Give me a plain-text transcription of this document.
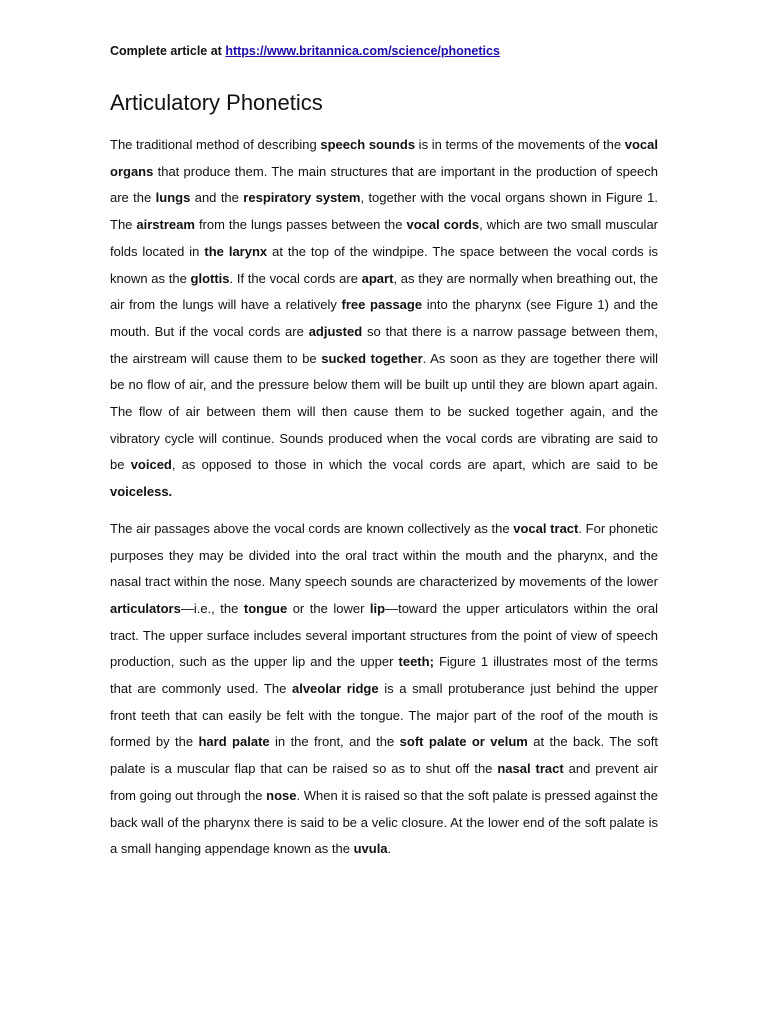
Complete article at https://www.britannica.com/science/phonetics
Articulatory Phonetics

The traditional method of describing speech sounds is in terms of the movements of the vocal organs that produce them. The main structures that are important in the production of speech are the lungs and the respiratory system, together with the vocal organs shown in Figure 1. The airstream from the lungs passes between the vocal cords, which are two small muscular folds located in the larynx at the top of the windpipe. The space between the vocal cords is known as the glottis. If the vocal cords are apart, as they are normally when breathing out, the air from the lungs will have a relatively free passage into the pharynx (see Figure 1) and the mouth. But if the vocal cords are adjusted so that there is a narrow passage between them, the airstream will cause them to be sucked together. As soon as they are together there will be no flow of air, and the pressure below them will be built up until they are blown apart again. The flow of air between them will then cause them to be sucked together again, and the vibratory cycle will continue. Sounds produced when the vocal cords are vibrating are said to be voiced, as opposed to those in which the vocal cords are apart, which are said to be voiceless.

The air passages above the vocal cords are known collectively as the vocal tract. For phonetic purposes they may be divided into the oral tract within the mouth and the pharynx, and the nasal tract within the nose. Many speech sounds are characterized by movements of the lower articulators—i.e., the tongue or the lower lip—toward the upper articulators within the oral tract. The upper surface includes several important structures from the point of view of speech production, such as the upper lip and the upper teeth; Figure 1 illustrates most of the terms that are commonly used. The alveolar ridge is a small protuberance just behind the upper front teeth that can easily be felt with the tongue. The major part of the roof of the mouth is formed by the hard palate in the front, and the soft palate or velum at the back. The soft palate is a muscular flap that can be raised so as to shut off the nasal tract and prevent air from going out through the nose. When it is raised so that the soft palate is pressed against the back wall of the pharynx there is said to be a velic closure. At the lower end of the soft palate is a small hanging appendage known as the uvula.
